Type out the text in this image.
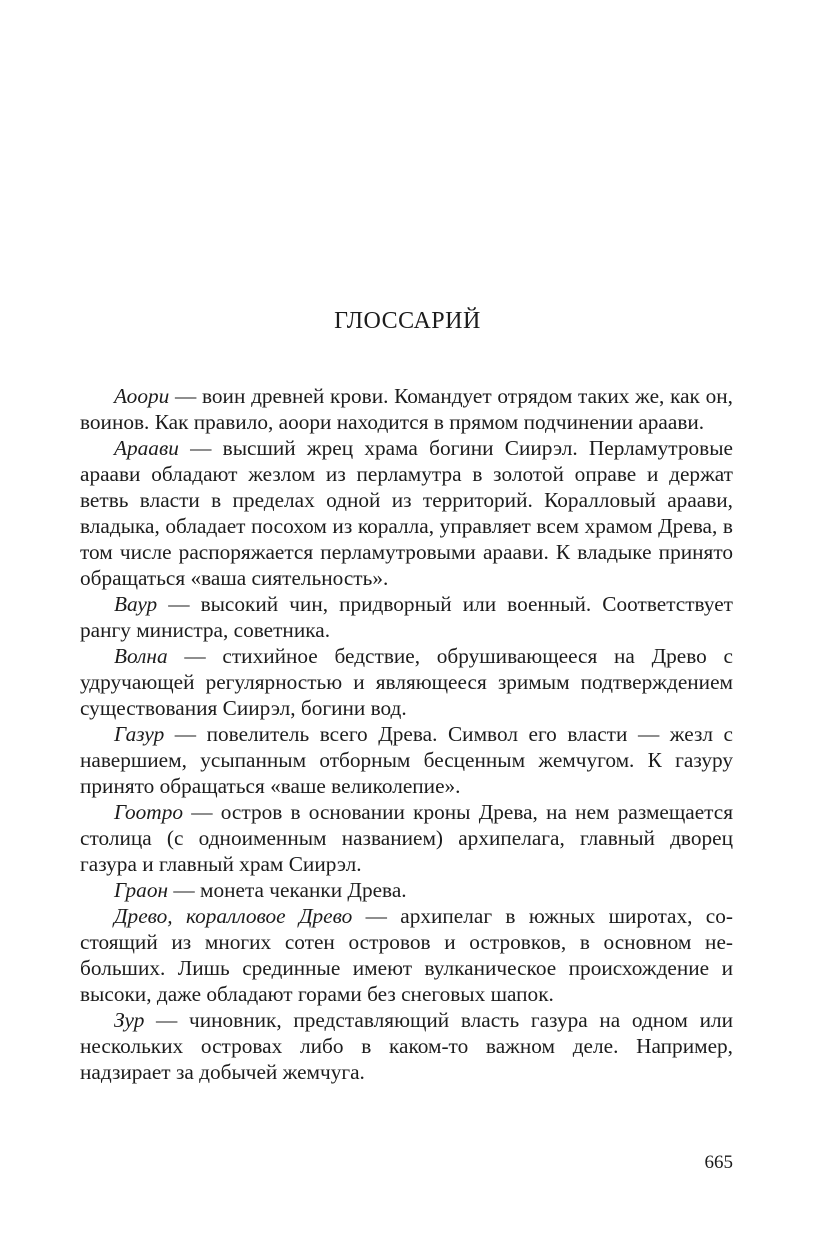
ГЛОССАРИЙ

Аоори — воин древней крови. Командует отрядом таких же, как он, воинов. Как правило, аоори находится в прямом подчинении араави.

Араави — высший жрец храма богини Сиирэл. Перламутровые араави обладают жезлом из перламутра в золотой оправе и держат ветвь власти в пределах одной из территорий. Коралловый араави, владыка, обладает посохом из коралла, управляет всем храмом Древа, в том числе распоряжается перламутровыми араави. К владыке принято обращаться «ваша сиятельность».

Ваур — высокий чин, придворный или военный. Соответствует рангу министра, советника.

Волна — стихийное бедствие, обрушивающееся на Древо с удручающей регулярностью и являющееся зримым подтверждением существования Сиирэл, богини вод.

Газур — повелитель всего Древа. Символ его власти — жезл с навершием, усыпанным отборным бесценным жемчугом. К газуру принято обращаться «ваше великолепие».

Гоотро — остров в основании кроны Древа, на нем размещается столица (с одноименным названием) архипелага, главный дворец газура и главный храм Сиирэл.

Граон — монета чеканки Древа.

Древо, коралловое Древо — архипелаг в южных широтах, состоящий из многих сотен островов и островков, в основном небольших. Лишь срединные имеют вулканическое происхождение и высоки, даже обладают горами без снеговых шапок.

Зур — чиновник, представляющий власть газура на одном или нескольких островах либо в каком-то важном деле. Например, надзирает за добычей жемчуга.

665
